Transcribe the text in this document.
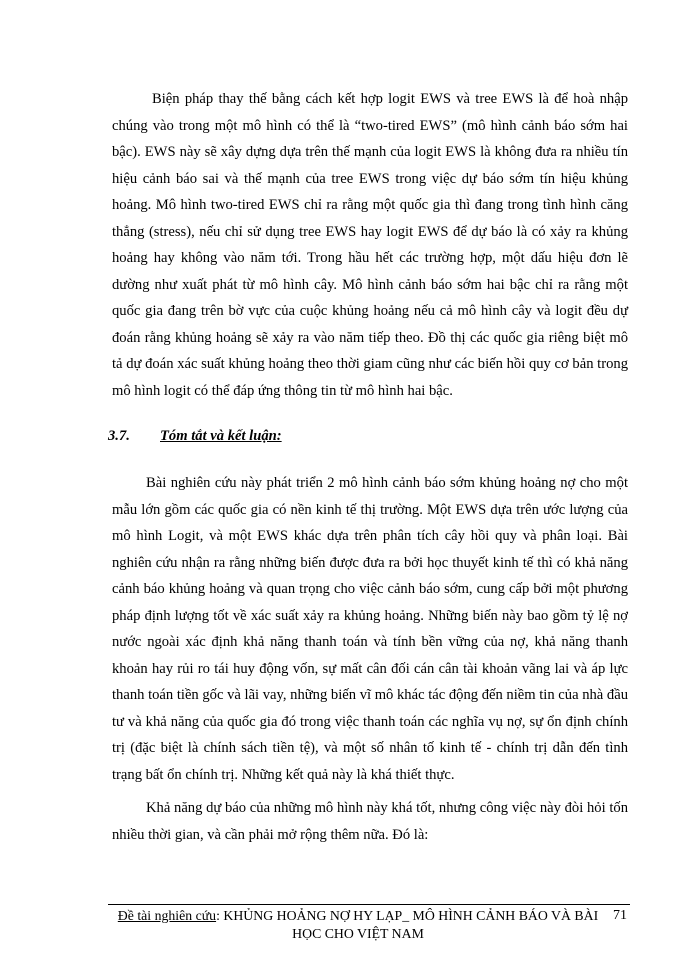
Biện pháp thay thế bằng cách kết hợp logit EWS và tree EWS là để hoà nhập chúng vào trong một mô hình có thể là “two-tired EWS” (mô hình cảnh báo sớm hai bậc). EWS này sẽ xây dựng dựa trên thế mạnh của logit EWS là không đưa ra nhiều tín hiệu cảnh báo sai và thế mạnh của tree EWS trong việc dự báo sớm tín hiệu khủng hoảng. Mô hình two-tired EWS chỉ ra rằng một quốc gia thì đang trong tình hình căng thẳng (stress), nếu chỉ sử dụng tree EWS hay logit EWS để dự báo là có xảy ra khủng hoảng hay không vào năm tới. Trong hầu hết các trường hợp, một dấu hiệu đơn lẽ dường như xuất phát từ mô hình cây. Mô hình cảnh báo sớm hai bậc chỉ ra rằng một quốc gia đang trên bờ vực của cuộc khủng hoảng nếu cả mô hình cây và logit đều dự đoán rằng khủng hoảng sẽ xảy ra vào năm tiếp theo. Đồ thị các quốc gia riêng biệt mô tả dự đoán xác suất khủng hoảng theo thời giam cũng như các biến hồi quy cơ bản trong mô hình logit có thể đáp ứng thông tin từ mô hình hai bậc.

3.7. Tóm tắt và kết luận:

Bài nghiên cứu này phát triển 2 mô hình cảnh báo sớm khủng hoảng nợ cho một mẫu lớn gồm các quốc gia có nền kinh tế thị trường. Một EWS dựa trên ước lượng của mô hình Logit, và một EWS khác dựa trên phân tích cây hồi quy và phân loại. Bài nghiên cứu nhận ra rằng những biến được đưa ra bởi học thuyết kinh tế thì có khả năng cảnh báo khủng hoảng và quan trọng cho việc cảnh báo sớm, cung cấp bởi một phương pháp định lượng tốt về xác suất xảy ra khủng hoảng. Những biến này bao gồm tỷ lệ nợ nước ngoài xác định khả năng thanh toán và tính bền vững của nợ, khả năng thanh khoản hay rủi ro tái huy động vốn, sự mất cân đối cán cân tài khoản vãng lai và áp lực thanh toán tiền gốc và lãi vay, những biến vĩ mô khác tác động đến niềm tin của nhà đầu tư và khả năng của quốc gia đó trong việc thanh toán các nghĩa vụ nợ, sự ổn định chính trị (đặc biệt là chính sách tiền tệ), và một số nhân tố kinh tế - chính trị dẫn đến tình trạng bất ổn chính trị. Những kết quả này là khá thiết thực.

Khả năng dự báo của những mô hình này khá tốt, nhưng công việc này đòi hỏi tốn nhiều thời gian, và cần phải mở rộng thêm nữa. Đó là:

Đề tài nghiên cứu: KHỦNG HOẢNG NỢ HY LẠP_ MÔ HÌNH CẢNH BÁO VÀ BÀI HỌC CHO VIỆT NAM
71
